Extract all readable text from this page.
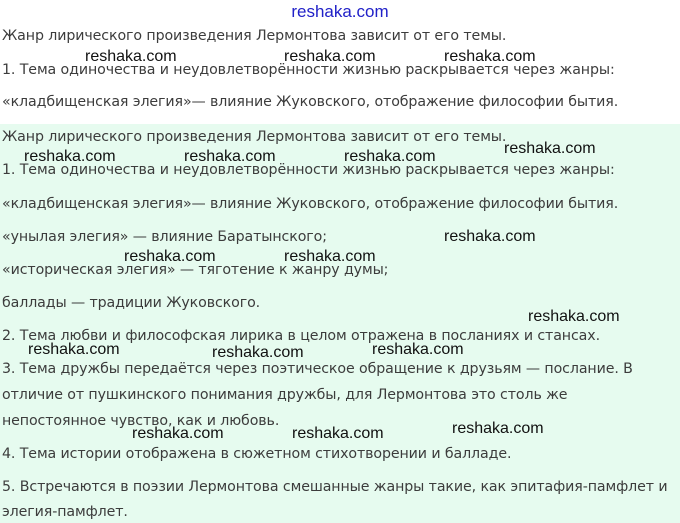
reshaka.com
Жанр лирического произведения Лермонтова зависит от его темы.
1. Тема одиночества и неудовлетворённости жизнью раскрывается через жанры:
«кладбищенская элегия»— влияние Жуковского, отображение философии бытия.
Жанр лирического произведения Лермонтова зависит от его темы.
1. Тема одиночества и неудовлетворённости жизнью раскрывается через жанры:
«кладбищенская элегия»— влияние Жуковского, отображение философии бытия.
«унылая элегия» — влияние Баратынского;
«историческая элегия» — тяготение к жанру думы;
баллады — традиции Жуковского.
2. Тема любви и философская лирика в целом отражена в посланиях и стансах.
3. Тема дружбы передаётся через поэтическое обращение к друзьям — послание. В
отличие от пушкинского понимания дружбы, для Лермонтова это столь же
непостоянное чувство, как и любовь.
4. Тема истории отображена в сюжетном стихотворении и балладе.
5. Встречаются в поэзии Лермонтова смешанные жанры такие, как эпитафия-памфлет и
элегия-памфлет.
reshaka.com	reshaka.com	reshaka.com
reshaka.com
reshaka.com	reshaka.com	reshaka.com
reshaka.com
reshaka.com	reshaka.com
reshaka.com
reshaka.com	reshaka.com	reshaka.com
reshaka.com
reshaka.com	reshaka.com
